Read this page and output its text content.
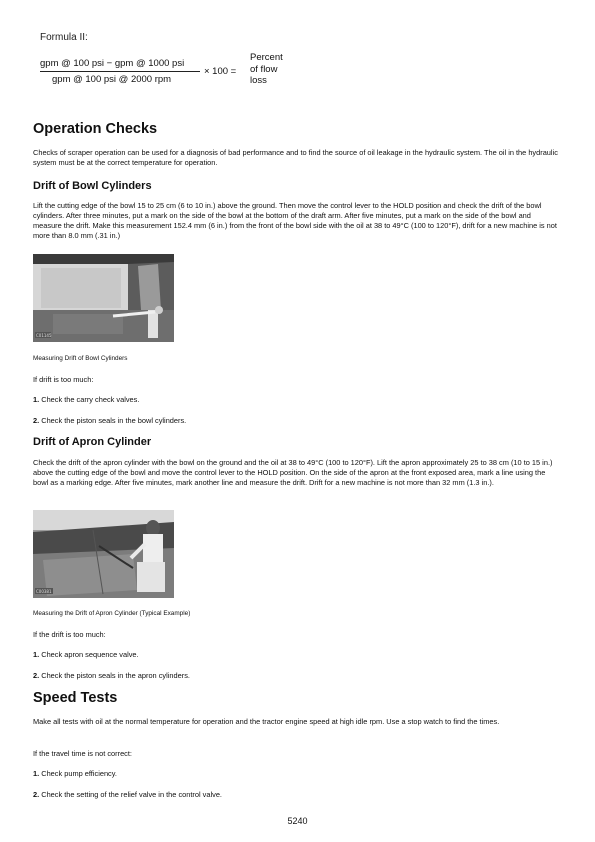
Formula II:
gpm @ 100 psi − gpm @ 1000 psi
gpm @ 100 psi @ 2000 rpm
× 100 =
Percent
of flow
loss
Operation Checks

Checks of scraper operation can be used for a diagnosis of bad performance and to find the source of oil leakage in the hydraulic system. The oil in the hydraulic system must be at the correct temperature for operation.

Drift of Bowl Cylinders

Lift the cutting edge of the bowl 15 to 25 cm (6 to 10 in.) above the ground. Then move the control lever to the HOLD position and check the drift of the bowl cylinders. After three minutes, put a mark on the side of the bowl at the bottom of the draft arm. After five minutes, put a mark on the side of the bowl and measure the drift. Make this measurement 152.4 mm (6 in.) from the front of the bowl side with the oil at 38 to 49°C (100 to 120°F), drift for a new machine is not more than 8.0 mm (.31 in.)

C01145
Measuring Drift of Bowl Cylinders

If drift is too much:

1. Check the carry check valves.

2. Check the piston seals in the bowl cylinders.

Drift of Apron Cylinder

Check the drift of the apron cylinder with the bowl on the ground and the oil at 38 to 49°C (100 to 120°F). Lift the apron approximately 25 to 38 cm (10 to 15 in.) above the cutting edge of the bowl and move the control lever to the HOLD position. On the side of the apron at the front exposed area, mark a line using the bowl as a marking edge. After five minutes, mark another line and measure the drift. Drift for a new machine is not more than 32 mm (1.3 in.).

C00381
Measuring the Drift of Apron Cylinder (Typical Example)

If the drift is too much:

1. Check apron sequence valve.

2. Check the piston seals in the apron cylinders.

Speed Tests

Make all tests with oil at the normal temperature for operation and the tractor engine speed at high idle rpm. Use a stop watch to find the times.

If the travel time is not correct:

1. Check pump efficiency.

2. Check the setting of the relief valve in the control valve.

5240
